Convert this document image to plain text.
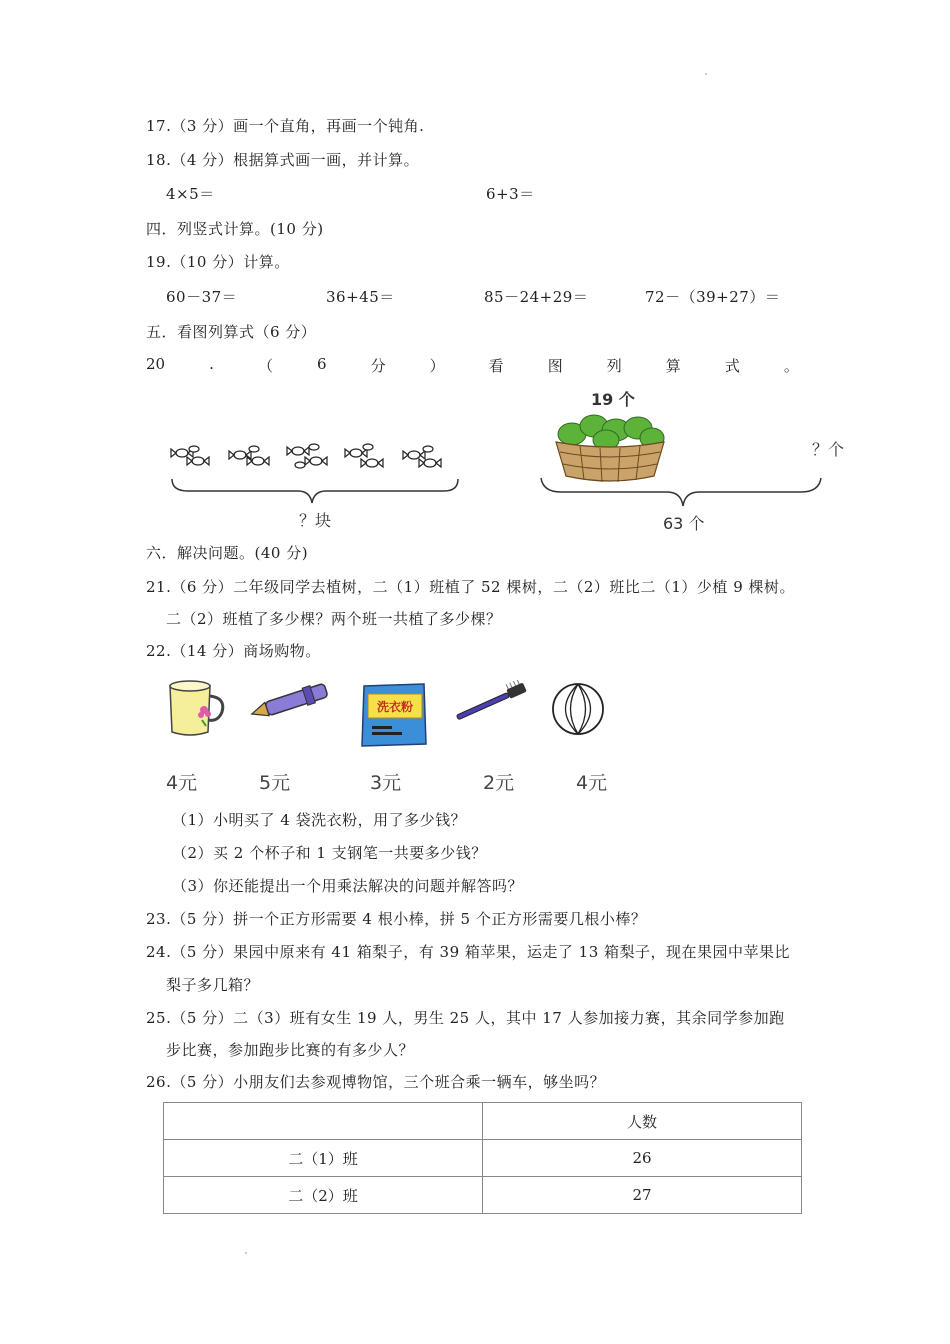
17.（3 分）画一个直角，再画一个钝角.
18.（4 分）根据算式画一画，并计算。
4×5＝	6+3＝
四．列竖式计算。(10 分)
19.（10 分）计算。
60－37＝	36+45＝	85－24+29＝	72－（39+27）＝
五．看图列算式（6 分）
20	.	（	6	分	）	看	图	列	算	式	。
？块
19 个
？个
63 个
六．解决问题。(40 分)
21.（6 分）二年级同学去植树，二（1）班植了 52 棵树，二（2）班比二（1）少植 9 棵树。
二（2）班植了多少棵？两个班一共植了多少棵？
22.（14 分）商场购物。
洗衣粉
4元	5元	3元	2元	4元
（1）小明买了 4 袋洗衣粉，用了多少钱？
（2）买 2 个杯子和 1 支钢笔一共要多少钱？
（3）你还能提出一个用乘法解决的问题并解答吗？
23.（5 分）拼一个正方形需要 4 根小棒，拼 5 个正方形需要几根小棒？
24.（5 分）果园中原来有 41 箱梨子，有 39 箱苹果，运走了 13 箱梨子，现在果园中苹果比
梨子多几箱？
25.（5 分）二（3）班有女生 19 人，男生 25 人，其中 17 人参加接力赛，其余同学参加跑
步比赛，参加跑步比赛的有多少人？
26.（5 分）小朋友们去参观博物馆，三个班合乘一辆车，够坐吗？
	人数
二（1）班	26
二（2）班	27
